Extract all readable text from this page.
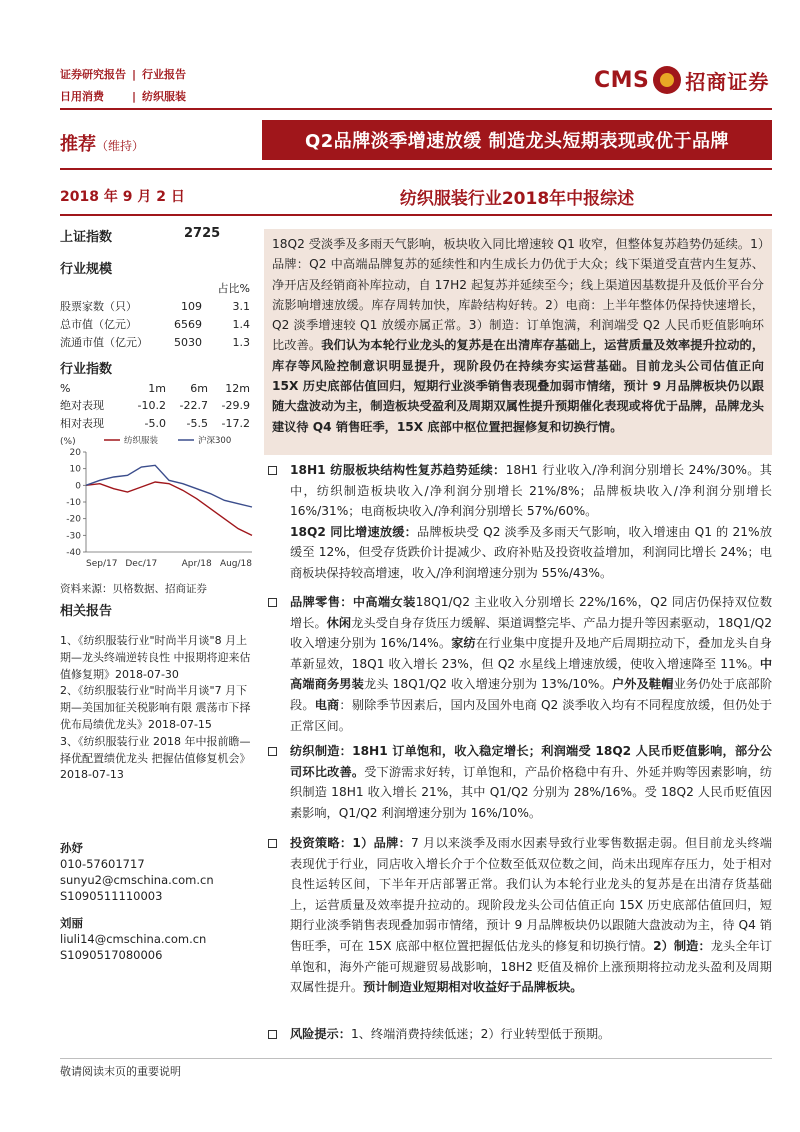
证券研究报告 | 行业报告
日用消费	| 纺织服装
CMS 招商证券
推荐（维持）	Q2品牌淡季增速放缓 制造龙头短期表现或优于品牌
2018 年 9 月 2 日	纺织服装行业2018年中报综述
上证指数	2725
行业规模
		占比%
股票家数（只）	109	3.1
总市值（亿元）	6569	1.4
流通市值（亿元）	5030	1.3
行业指数
%	1m	6m	12m
绝对表现	-10.2	-22.7	-29.9
相对表现	-5.0	-5.5	-17.2
(%)	纺织服装	沪深300
20
10
0
-10
-20
-30
-40
Sep/17 Dec/17	Apr/18 Aug/18
资料来源：贝格数据、招商证券
相关报告
1、《纺织服装行业"时尚半月谈"8 月上期—龙头终端逆转良性 中报期将迎来估值修复期》2018-07-30
2、《纺织服装行业"时尚半月谈"7 月下期—美国加征关税影响有限 震荡市下择优布局绩优龙头》2018-07-15
3、《纺织服装行业 2018 年中报前瞻—择优配置绩优龙头 把握估值修复机会》2018-07-13
孙妤
010-57601717
sunyu2@cmschina.com.cn
S1090511110003
刘丽
liuli14@cmschina.com.cn
S1090517080006
18Q2 受淡季及多雨天气影响，板块收入同比增速较 Q1 收窄，但整体复苏趋势仍延续。1）品牌：Q2 中高端品牌复苏的延续性和内生成长力仍优于大众；线下渠道受直营内生复苏、净开店及经销商补库拉动，自 17H2 起复苏并延续至今；线上渠道因基数提升及低价平台分流影响增速放缓。库存周转加快，库龄结构好转。2）电商：上半年整体仍保持快速增长，Q2 淡季增速较 Q1 放缓亦属正常。3）制造：订单饱满，利润端受 Q2 人民币贬值影响环比改善。我们认为本轮行业龙头的复苏是在出清库存基础上，运营质量及效率提升拉动的，库存等风险控制意识明显提升，现阶段仍在持续夯实运营基础。目前龙头公司估值正向 15X 历史底部估值回归，短期行业淡季销售表现叠加弱市情绪，预计 9 月品牌板块仍以跟随大盘波动为主，制造板块受盈利及周期双属性提升预期催化表现或将优于品牌，品牌龙头建议待 Q4 销售旺季，15X 底部中枢位置把握修复和切换行情。
18H1 纺服板块结构性复苏趋势延续：18H1 行业收入/净利润分别增长 24%/30%。其中，纺织制造板块收入/净利润分别增长 21%/8%；品牌板块收入/净利润分别增长 16%/31%；电商板块收入/净利润分别增长 57%/60%。
18Q2 同比增速放缓：品牌板块受 Q2 淡季及多雨天气影响，收入增速由 Q1 的 21%放缓至 12%，但受存货跌价计提减少、政府补贴及投资收益增加，利润同比增长 24%；电商板块保持较高增速，收入/净利润增速分别为 55%/43%。
品牌零售：中高端女装18Q1/Q2 主业收入分别增长 22%/16%，Q2 同店仍保持双位数增长。休闲龙头受自身存货压力缓解、渠道调整完毕、产品力提升等因素驱动，18Q1/Q2 收入增速分别为 16%/14%。家纺在行业集中度提升及地产后周期拉动下，叠加龙头自身革新显效，18Q1 收入增长 23%，但 Q2 水星线上增速放缓，使收入增速降至 11%。中高端商务男装龙头 18Q1/Q2 收入增速分别为 13%/10%。户外及鞋帽业务仍处于底部阶段。电商：剔除季节因素后，国内及国外电商 Q2 淡季收入均有不同程度放缓，但仍处于正常区间。
纺织制造：18H1 订单饱和，收入稳定增长；利润端受 18Q2 人民币贬值影响，部分公司环比改善。受下游需求好转，订单饱和，产品价格稳中有升、外延并购等因素影响，纺织制造 18H1 收入增长 21%，其中 Q1/Q2 分别为 28%/16%。受 18Q2 人民币贬值因素影响，Q1/Q2 利润增速分别为 16%/10%。
投资策略：1）品牌：7 月以来淡季及雨水因素导致行业零售数据走弱。但目前龙头终端表现优于行业，同店收入增长介于个位数至低双位数之间，尚未出现库存压力，处于相对良性运转区间，下半年开店部署正常。我们认为本轮行业龙头的复苏是在出清存货基础上，运营质量及效率提升拉动的。现阶段龙头公司估值正向 15X 历史底部估值回归，短期行业淡季销售表现叠加弱市情绪，预计 9 月品牌板块仍以跟随大盘波动为主，待 Q4 销售旺季，可在 15X 底部中枢位置把握低估龙头的修复和切换行情。2）制造：龙头全年订单饱和，海外产能可规避贸易战影响，18H2 贬值及棉价上涨预期将拉动龙头盈利及周期双属性提升。预计制造业短期相对收益好于品牌板块。
风险提示：1、终端消费持续低迷；2）行业转型低于预期。
敬请阅读末页的重要说明
